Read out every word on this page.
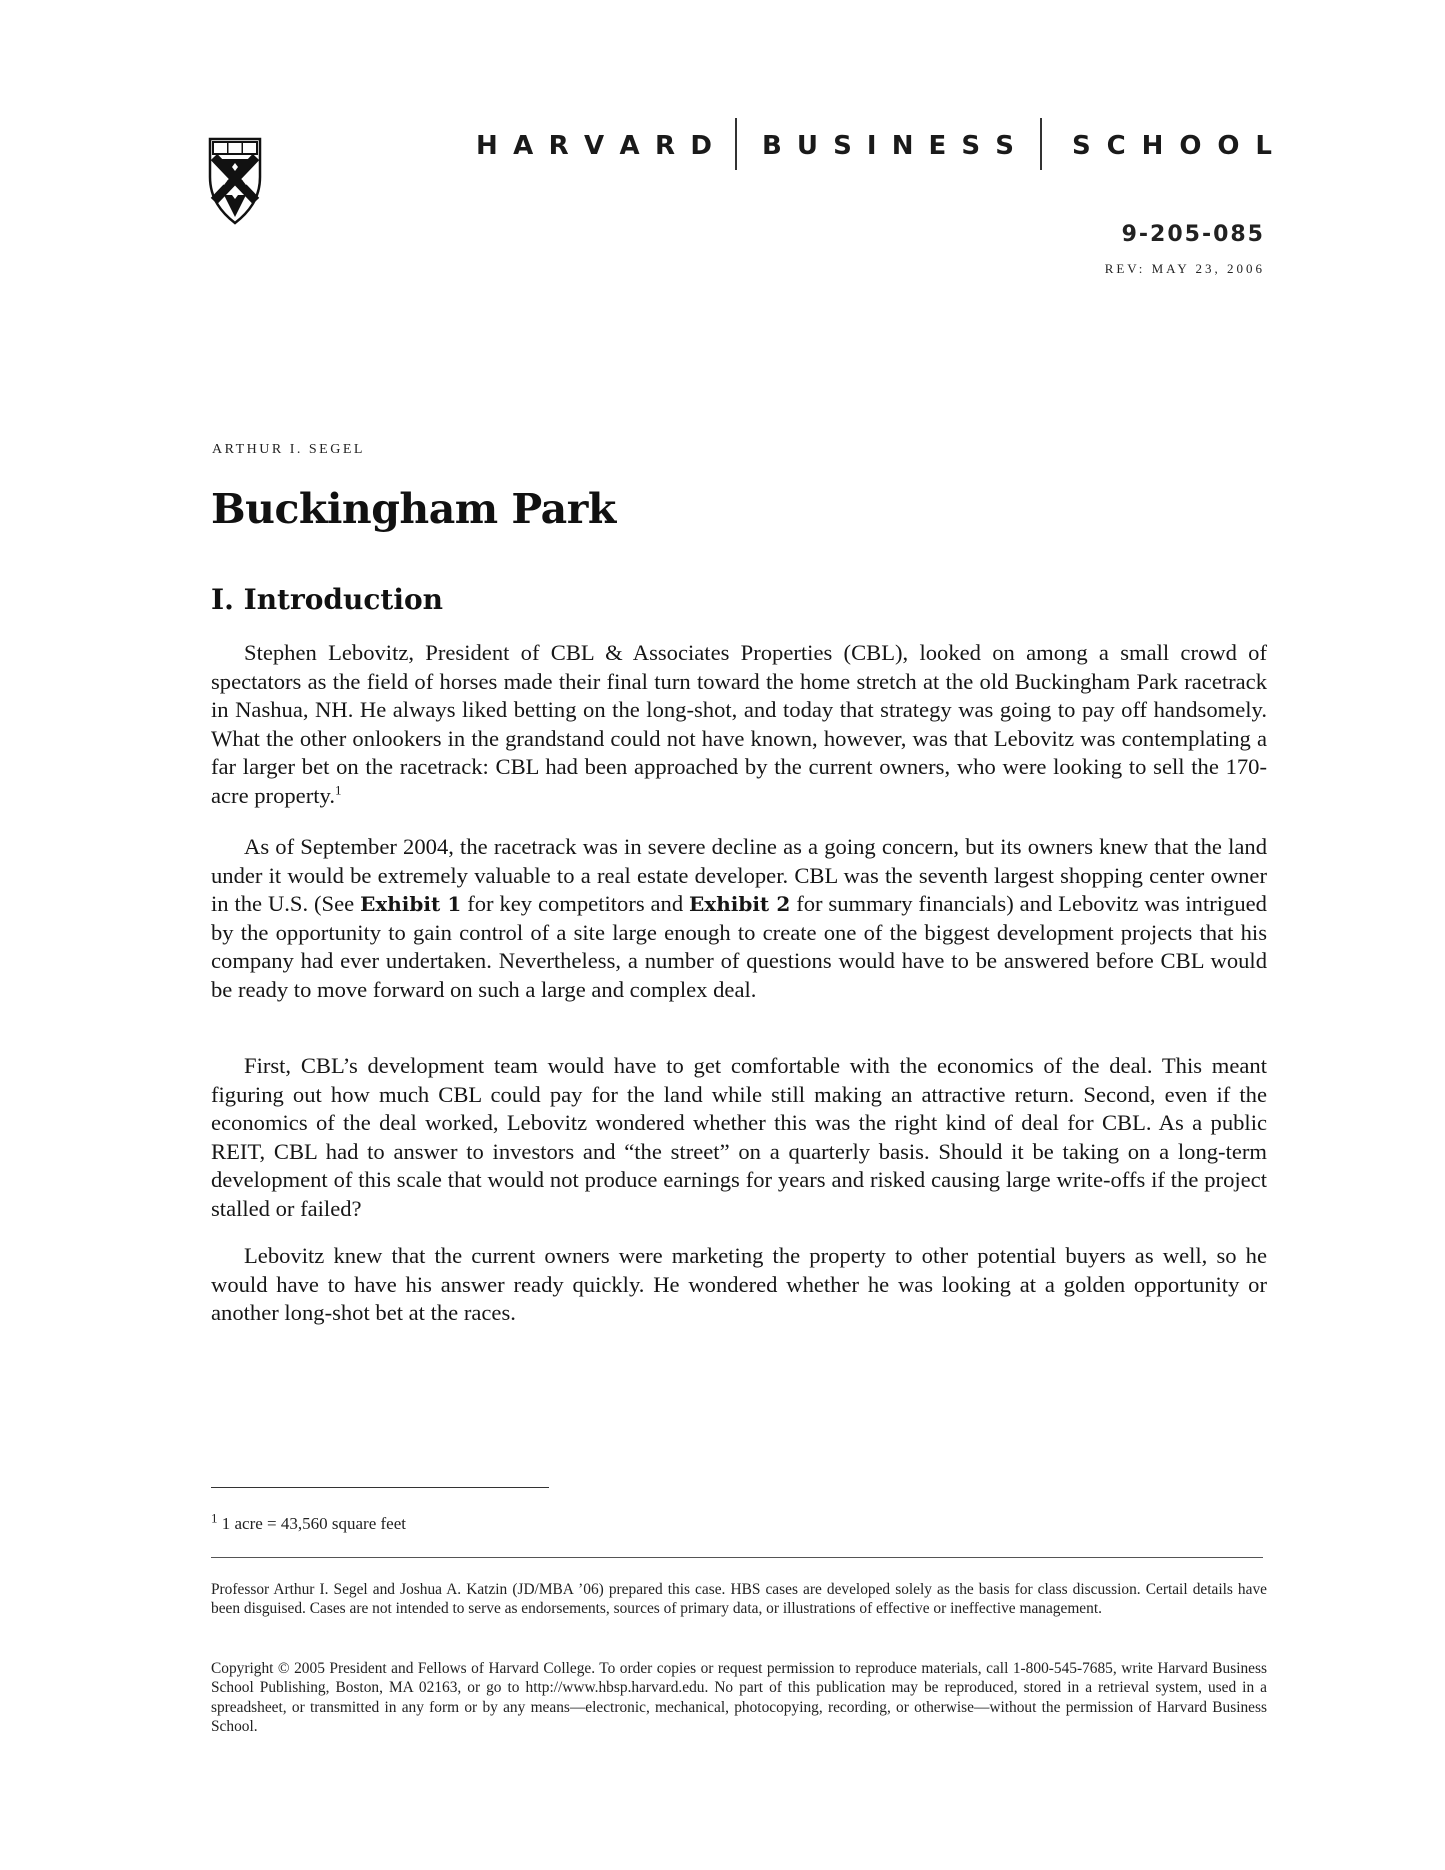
H A R V A R D B U S I N E S S S C H O O L
9-205-085
REV: MAY 23, 2006
ARTHUR I. SEGEL
Buckingham Park
I. Introduction

Stephen Lebovitz, President of CBL & Associates Properties (CBL), looked on among a small crowd of spectators as the field of horses made their final turn toward the home stretch at the old Buckingham Park racetrack in Nashua, NH. He always liked betting on the long-shot, and today that strategy was going to pay off handsomely. What the other onlookers in the grandstand could not have known, however, was that Lebovitz was contemplating a far larger bet on the racetrack: CBL had been approached by the current owners, who were looking to sell the 170-acre property.$^1$

As of September 2004, the racetrack was in severe decline as a going concern, but its owners knew that the land under it would be extremely valuable to a real estate developer. CBL was the seventh largest shopping center owner in the U.S. (See Exhibit 1 for key competitors and Exhibit 2 for summary financials) and Lebovitz was intrigued by the opportunity to gain control of a site large enough to create one of the biggest development projects that his company had ever undertaken. Nevertheless, a number of questions would have to be answered before CBL would be ready to move forward on such a large and complex deal.

First, CBL’s development team would have to get comfortable with the economics of the deal. This meant figuring out how much CBL could pay for the land while still making an attractive return. Second, even if the economics of the deal worked, Lebovitz wondered whether this was the right kind of deal for CBL. As a public REIT, CBL had to answer to investors and “the street” on a quarterly basis. Should it be taking on a long-term development of this scale that would not produce earnings for years and risked causing large write-offs if the project stalled or failed?

Lebovitz knew that the current owners were marketing the property to other potential buyers as well, so he would have to have his answer ready quickly. He wondered whether he was looking at a golden opportunity or another long-shot bet at the races.

$^1$ 1 acre = 43,560 square feet

Professor Arthur I. Segel and Joshua A. Katzin (JD/MBA ’06) prepared this case. HBS cases are developed solely as the basis for class discussion. Certail details have been disguised. Cases are not intended to serve as endorsements, sources of primary data, or illustrations of effective or ineffective management.

Copyright © 2005 President and Fellows of Harvard College. To order copies or request permission to reproduce materials, call 1-800-545-7685, write Harvard Business School Publishing, Boston, MA 02163, or go to http://www.hbsp.harvard.edu. No part of this publication may be reproduced, stored in a retrieval system, used in a spreadsheet, or transmitted in any form or by any means—electronic, mechanical, photocopying, recording, or otherwise—without the permission of Harvard Business School.
